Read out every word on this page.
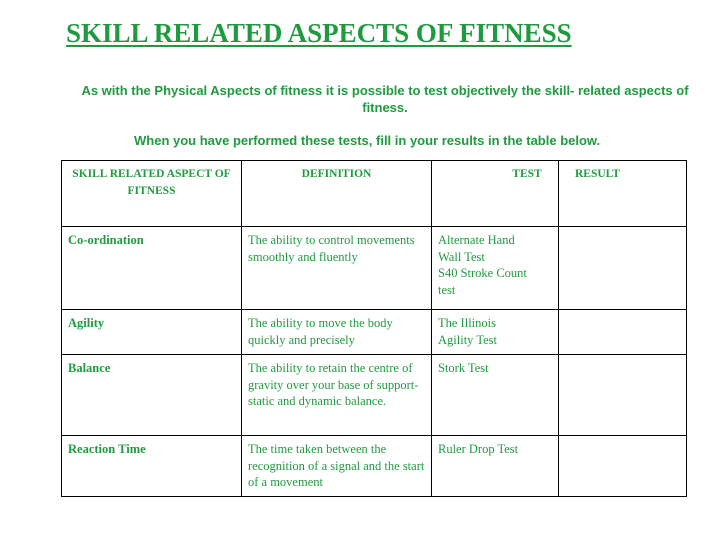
SKILL RELATED ASPECTS OF FITNESS

As with the Physical Aspects of fitness it is possible to test objectively the skill- related aspects of fitness.

When you have performed these tests, fill in your results in the table below.

SKILL RELATED ASPECT OF FITNESS	DEFINITION	TEST	RESULT
Co-ordination	The ability to control movements smoothly and fluently	Alternate Hand
Wall Test
S40 Stroke Count
test	

Agility	The ability to move the body quickly and precisely	The Illinois
Agility Test	

Balance	The ability to retain the centre of gravity over your base of support- static and dynamic balance.	Stork Test	

Reaction Time	The time taken between the recognition of a signal and the start of a movement	Ruler Drop Test	
